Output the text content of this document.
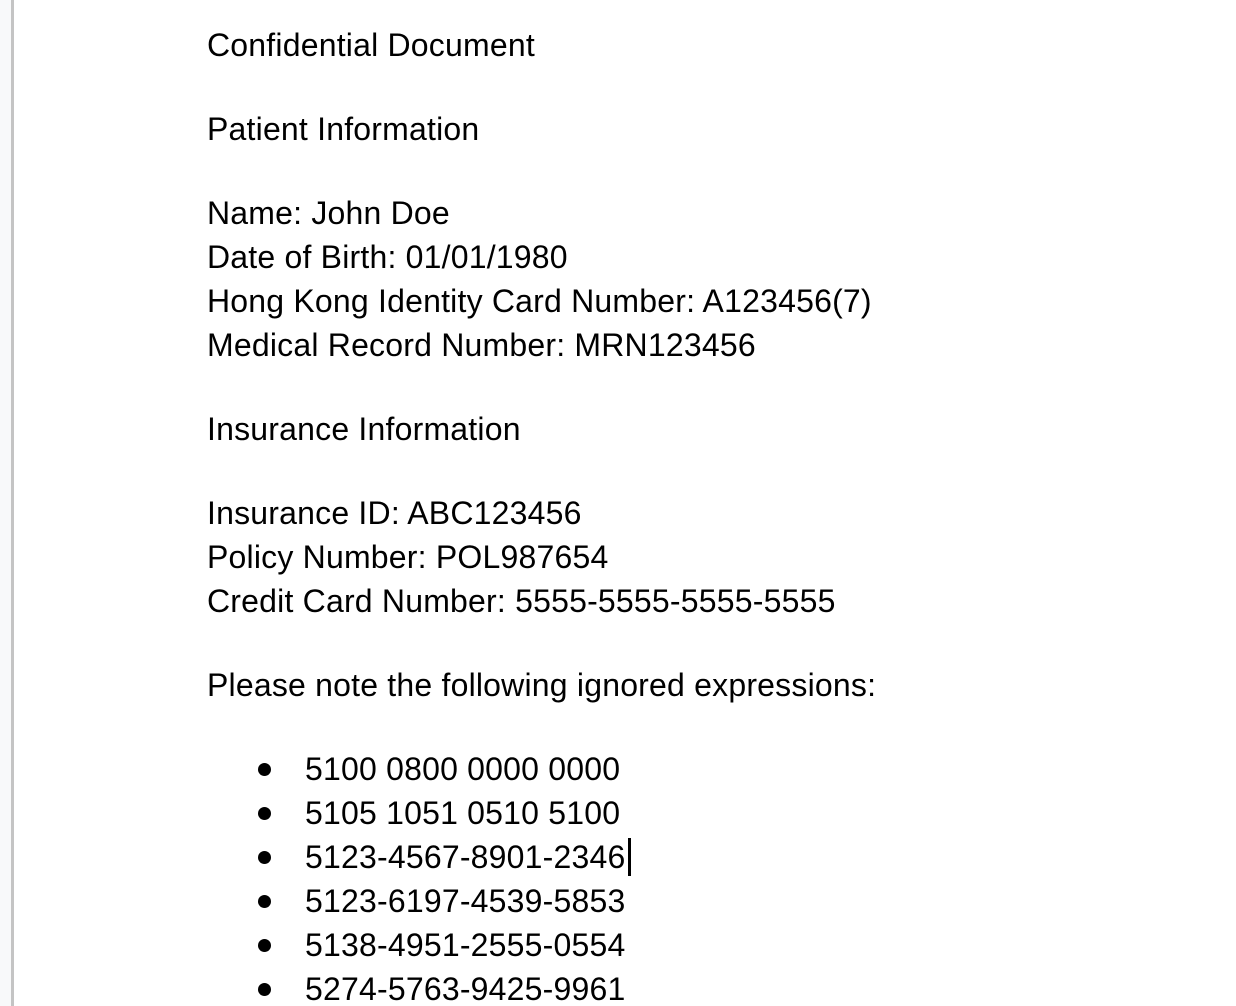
Confidential Document

Patient Information

Name: John Doe
Date of Birth: 01/01/1980
Hong Kong Identity Card Number: A123456(7)
Medical Record Number: MRN123456

Insurance Information

Insurance ID: ABC123456
Policy Number: POL987654
Credit Card Number: 5555-5555-5555-5555

Please note the following ignored expressions:

5100 0800 0000 0000
5105 1051 0510 5100
5123-4567-8901-2346
5123-6197-4539-5853
5138-4951-2555-0554
5274-5763-9425-9961
